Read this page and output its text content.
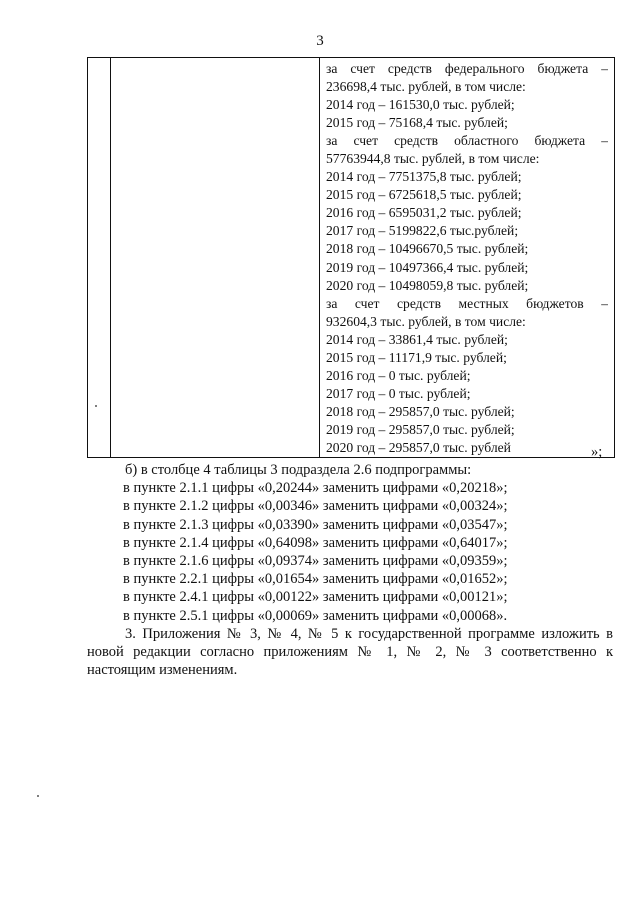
3

за счет средств федерального бюджета –
236698,4 тыс. рублей, в том числе:
2014 год – 161530,0 тыс. рублей;
2015 год – 75168,4 тыс. рублей;
за счет средств областного бюджета –
57763944,8 тыс. рублей, в том числе:
2014 год – 7751375,8 тыс. рублей;
2015 год – 6725618,5 тыс. рублей;
2016 год – 6595031,2 тыс. рублей;
2017 год – 5199822,6 тыс.рублей;
2018 год – 10496670,5 тыс. рублей;
2019 год – 10497366,4 тыс. рублей;
2020 год – 10498059,8 тыс. рублей;
за счет средств местных бюджетов –
932604,3 тыс. рублей, в том числе:
2014 год – 33861,4 тыс. рублей;
2015 год – 11171,9 тыс. рублей;
2016 год – 0 тыс. рублей;
2017 год – 0 тыс. рублей;
2018 год – 295857,0 тыс. рублей;
2019 год – 295857,0 тыс. рублей;
2020 год – 295857,0 тыс. рублей	»;
б) в столбце 4 таблицы 3 подраздела 2.6 подпрограммы:
в пункте 2.1.1 цифры «0,20244» заменить цифрами «0,20218»;
в пункте 2.1.2 цифры «0,00346» заменить цифрами «0,00324»;
в пункте 2.1.3 цифры «0,03390» заменить цифрами «0,03547»;
в пункте 2.1.4 цифры «0,64098» заменить цифрами «0,64017»;
в пункте 2.1.6 цифры «0,09374» заменить цифрами «0,09359»;
в пункте 2.2.1 цифры «0,01654» заменить цифрами «0,01652»;
в пункте 2.4.1 цифры «0,00122» заменить цифрами «0,00121»;
в пункте 2.5.1 цифры «0,00069» заменить цифрами «0,00068».
3. Приложения № 3, № 4, № 5 к государственной программе изложить в
новой редакции согласно приложениям № 1, № 2, № 3 соответственно к
настоящим изменениям.
